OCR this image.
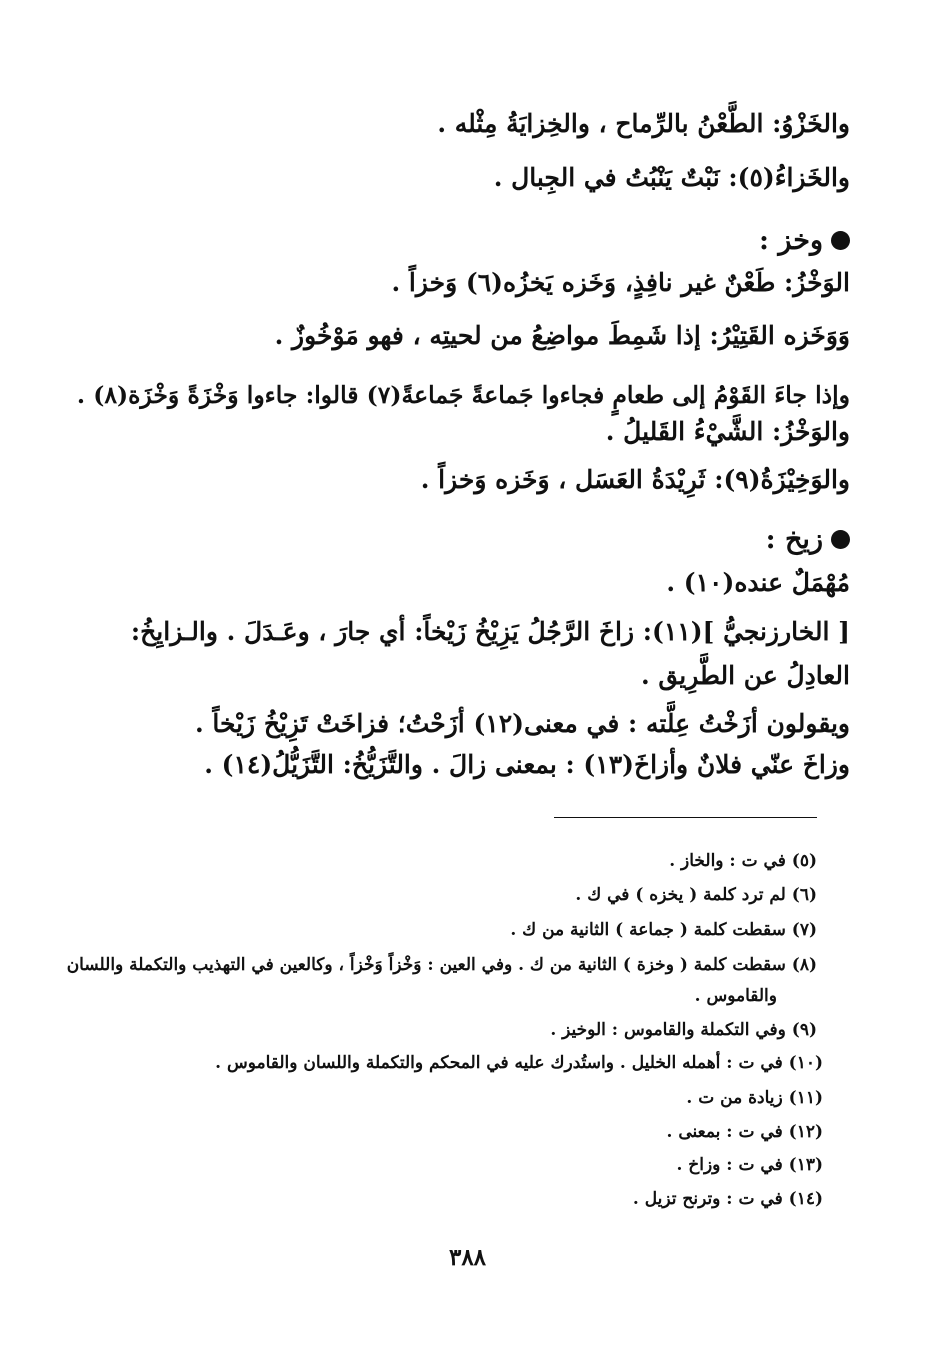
والخَزْوُ: الطَّعْنُ بالرِّماح ، والخِزايَةُ مِثْله .
والخَزاءُ(٥): نَبْتٌ يَنْبُتُ في الجِبال .
وخز :
الوَخْزُ: طَعْنٌ غير نافِذٍ، وَخَزه يَخزُه(٦) وَخزاً .
وَوَخَزه القَتِيْرُ: إذا شَمِطَ مواضِعُ من لحيتِه ، فهو مَوْخُوزٌ .
وإذا جاءَ القَوْمُ إلى طعامٍ فجاءوا جَماعةً جَماعةً(٧) قالوا: جاءوا وَخْزَةً وَخْزَة(٨) .
والوَخْزُ: الشَّيْءُ القَليلُ .
والوَخِيْزَةُ(٩): ثَرِيْدَةُ العَسَل ، وَخَزه وَخزاً .
زيخ :
مُهْمَلٌ عنده(١٠) .
[ الخارزنجيُّ ](١١): زاخَ الرَّجُلُ يَزِيْخُ زَيْخاً: أي جارَ ، وعَـدَلَ . والـزايِخُ:
العادِلُ عن الطَّرِيق .
ويقولون أزَخْتُ عِلَّته : في معنى(١٢) أزَحْتُ؛ فزاخَتْ تَزِيْخُ زَيْخاً .
وزاخَ عنّي فلانٌ وأزاخَ(١٣) : بمعنى زالَ . والتَّزَيُّخُ: التَّزَيُّلُ(١٤) .
(٥) في ت : والخاز .
(٦) لم ترد كلمة ( يخزه ) في ك .
(٧) سقطت كلمة ( جماعة ) الثانية من ك .
(٨) سقطت كلمة ( وخزة ) الثانية من ك . وفي العين : وَخْزاً وَخْزاً ، وكالعين في التهذيب والتكملة واللسان
والقاموس .
(٩) وفي التكملة والقاموس : الوخيز .
(١٠) في ت : أهمله الخليل . واستُدرك عليه في المحكم والتكملة واللسان والقاموس .
(١١) زيادة من ت .
(١٢) في ت : بمعنى .
(١٣) في ت : وزاخ .
(١٤) في ت : وترنح تزيل .
٣٨٨
